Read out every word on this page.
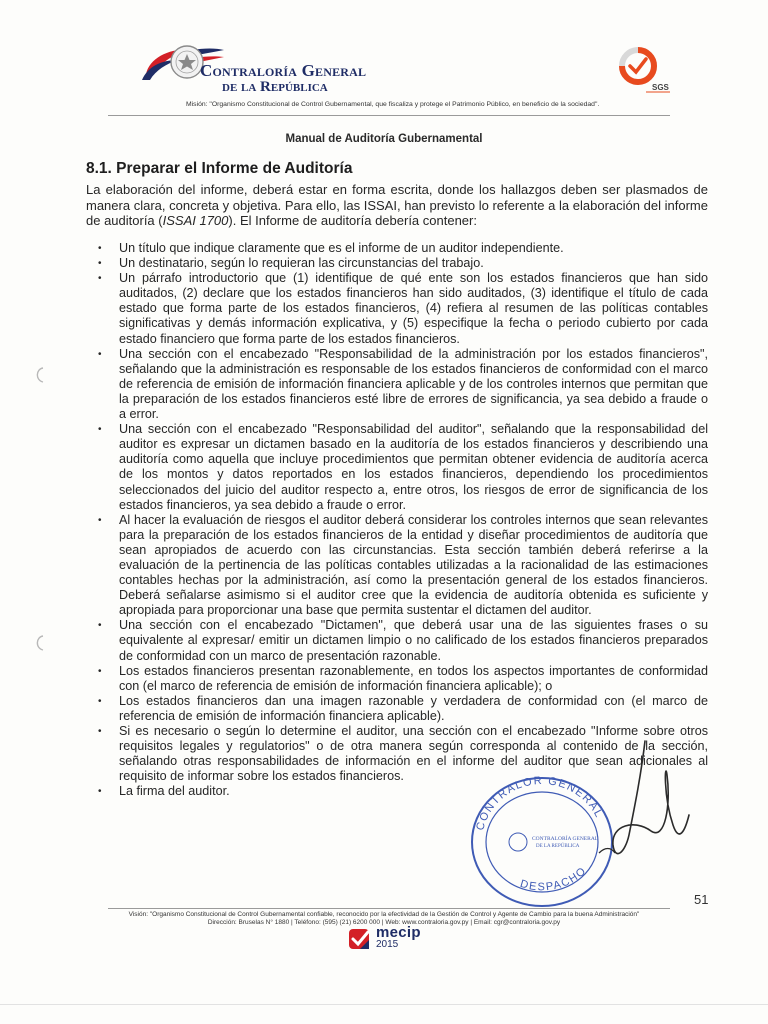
Contraloría General
de la República	SGS
Misión: "Organismo Constitucional de Control Gubernamental, que fiscaliza y protege el Patrimonio Público, en beneficio de la sociedad".
Manual de Auditoría Gubernamental
8.1. Preparar el Informe de Auditoría
La elaboración del informe, deberá estar en forma escrita, donde los hallazgos deben ser plasmados de manera clara, concreta y objetiva. Para ello, las ISSAI, han previsto lo referente a la elaboración del informe de auditoría (ISSAI 1700). El Informe de auditoría debería contener:
• Un título que indique claramente que es el informe de un auditor independiente.
• Un destinatario, según lo requieran las circunstancias del trabajo.
• Un párrafo introductorio que (1) identifique de qué ente son los estados financieros que han sido auditados, (2) declare que los estados financieros han sido auditados, (3) identifique el título de cada estado que forma parte de los estados financieros, (4) refiera al resumen de las políticas contables significativas y demás información explicativa, y (5) especifique la fecha o periodo cubierto por cada estado financiero que forma parte de los estados financieros.
• Una sección con el encabezado "Responsabilidad de la administración por los estados financieros", señalando que la administración es responsable de los estados financieros de conformidad con el marco de referencia de emisión de información financiera aplicable y de los controles internos que permitan que la preparación de los estados financieros esté libre de errores de significancia, ya sea debido a fraude o a error.
• Una sección con el encabezado "Responsabilidad del auditor", señalando que la responsabilidad del auditor es expresar un dictamen basado en la auditoría de los estados financieros y describiendo una auditoría como aquella que incluye procedimientos que permitan obtener evidencia de auditoría acerca de los montos y datos reportados en los estados financieros, dependiendo los procedimientos seleccionados del juicio del auditor respecto a, entre otros, los riesgos de error de significancia de los estados financieros, ya sea debido a fraude o error.
• Al hacer la evaluación de riesgos el auditor deberá considerar los controles internos que sean relevantes para la preparación de los estados financieros de la entidad y diseñar procedimientos de auditoría que sean apropiados de acuerdo con las circunstancias. Esta sección también deberá referirse a la evaluación de la pertinencia de las políticas contables utilizadas a la racionalidad de las estimaciones contables hechas por la administración, así como la presentación general de los estados financieros. Deberá señalarse asimismo si el auditor cree que la evidencia de auditoría obtenida es suficiente y apropiada para proporcionar una base que permita sustentar el dictamen del auditor.
• Una sección con el encabezado "Dictamen", que deberá usar una de las siguientes frases o su equivalente al expresar/ emitir un dictamen limpio o no calificado de los estados financieros preparados de conformidad con un marco de presentación razonable.
• Los estados financieros presentan razonablemente, en todos los aspectos importantes de conformidad con (el marco de referencia de emisión de información financiera aplicable); o
• Los estados financieros dan una imagen razonable y verdadera de conformidad con (el marco de referencia de emisión de información financiera aplicable).
• Si es necesario o según lo determine el auditor, una sección con el encabezado "Informe sobre otros requisitos legales y regulatorios" o de otra manera según corresponda al contenido de la sección, señalando otras responsabilidades de información en el informe del auditor que sean adicionales al requisito de informar sobre los estados financieros.
• La firma del auditor.
CONTRALOR GENERAL
DESPACHO
CONTRALORÍA GENERAL
DE LA REPÚBLICA
51
Visión: "Organismo Constitucional de Control Gubernamental confiable, reconocido por la efectividad de la Gestión de Control y Agente de Cambio para la buena Administración"
Dirección: Bruselas N° 1880 | Teléfono: (595) (21) 6200 000 | Web: www.contraloria.gov.py | Email: cgr@contraloria.gov.py
mecip
2015
